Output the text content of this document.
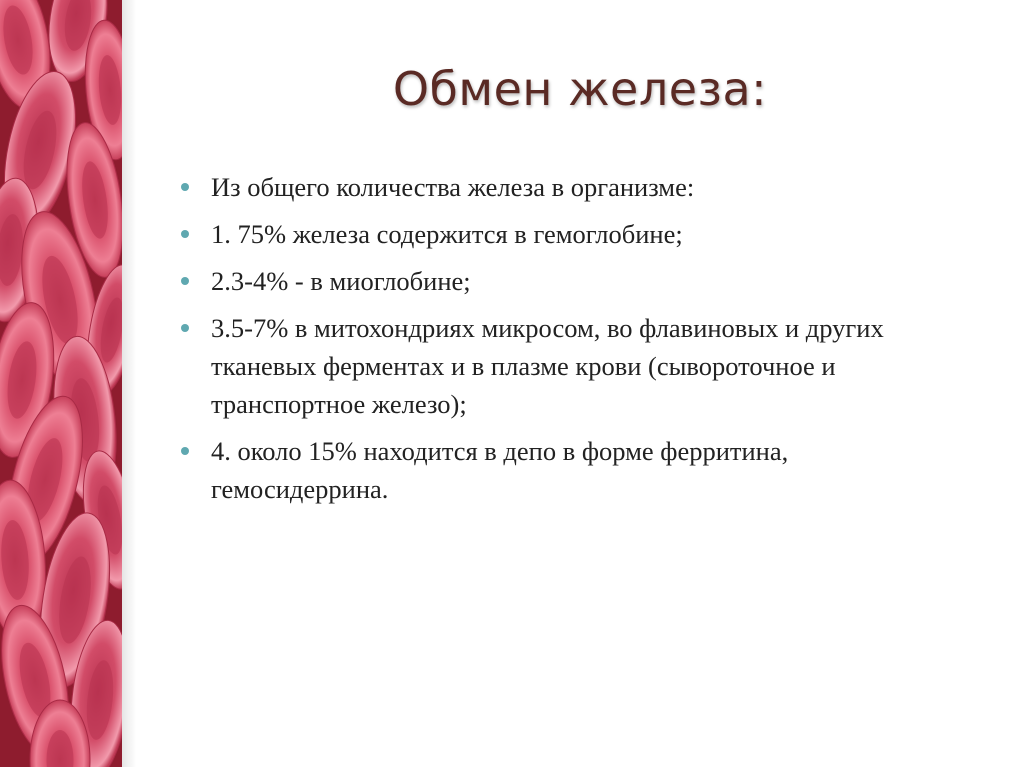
Обмен железа:
Из общего количества железа в организме:
1. 75% железа содержится в гемоглобине;
2.3-4% - в миоглобине;
3.5-7% в митохондриях микросом, во флавиновых и других тканевых ферментах и в плазме крови (сывороточное и транспортное железо);
4. около 15% находится в депо в форме ферритина, гемосидеррина.
